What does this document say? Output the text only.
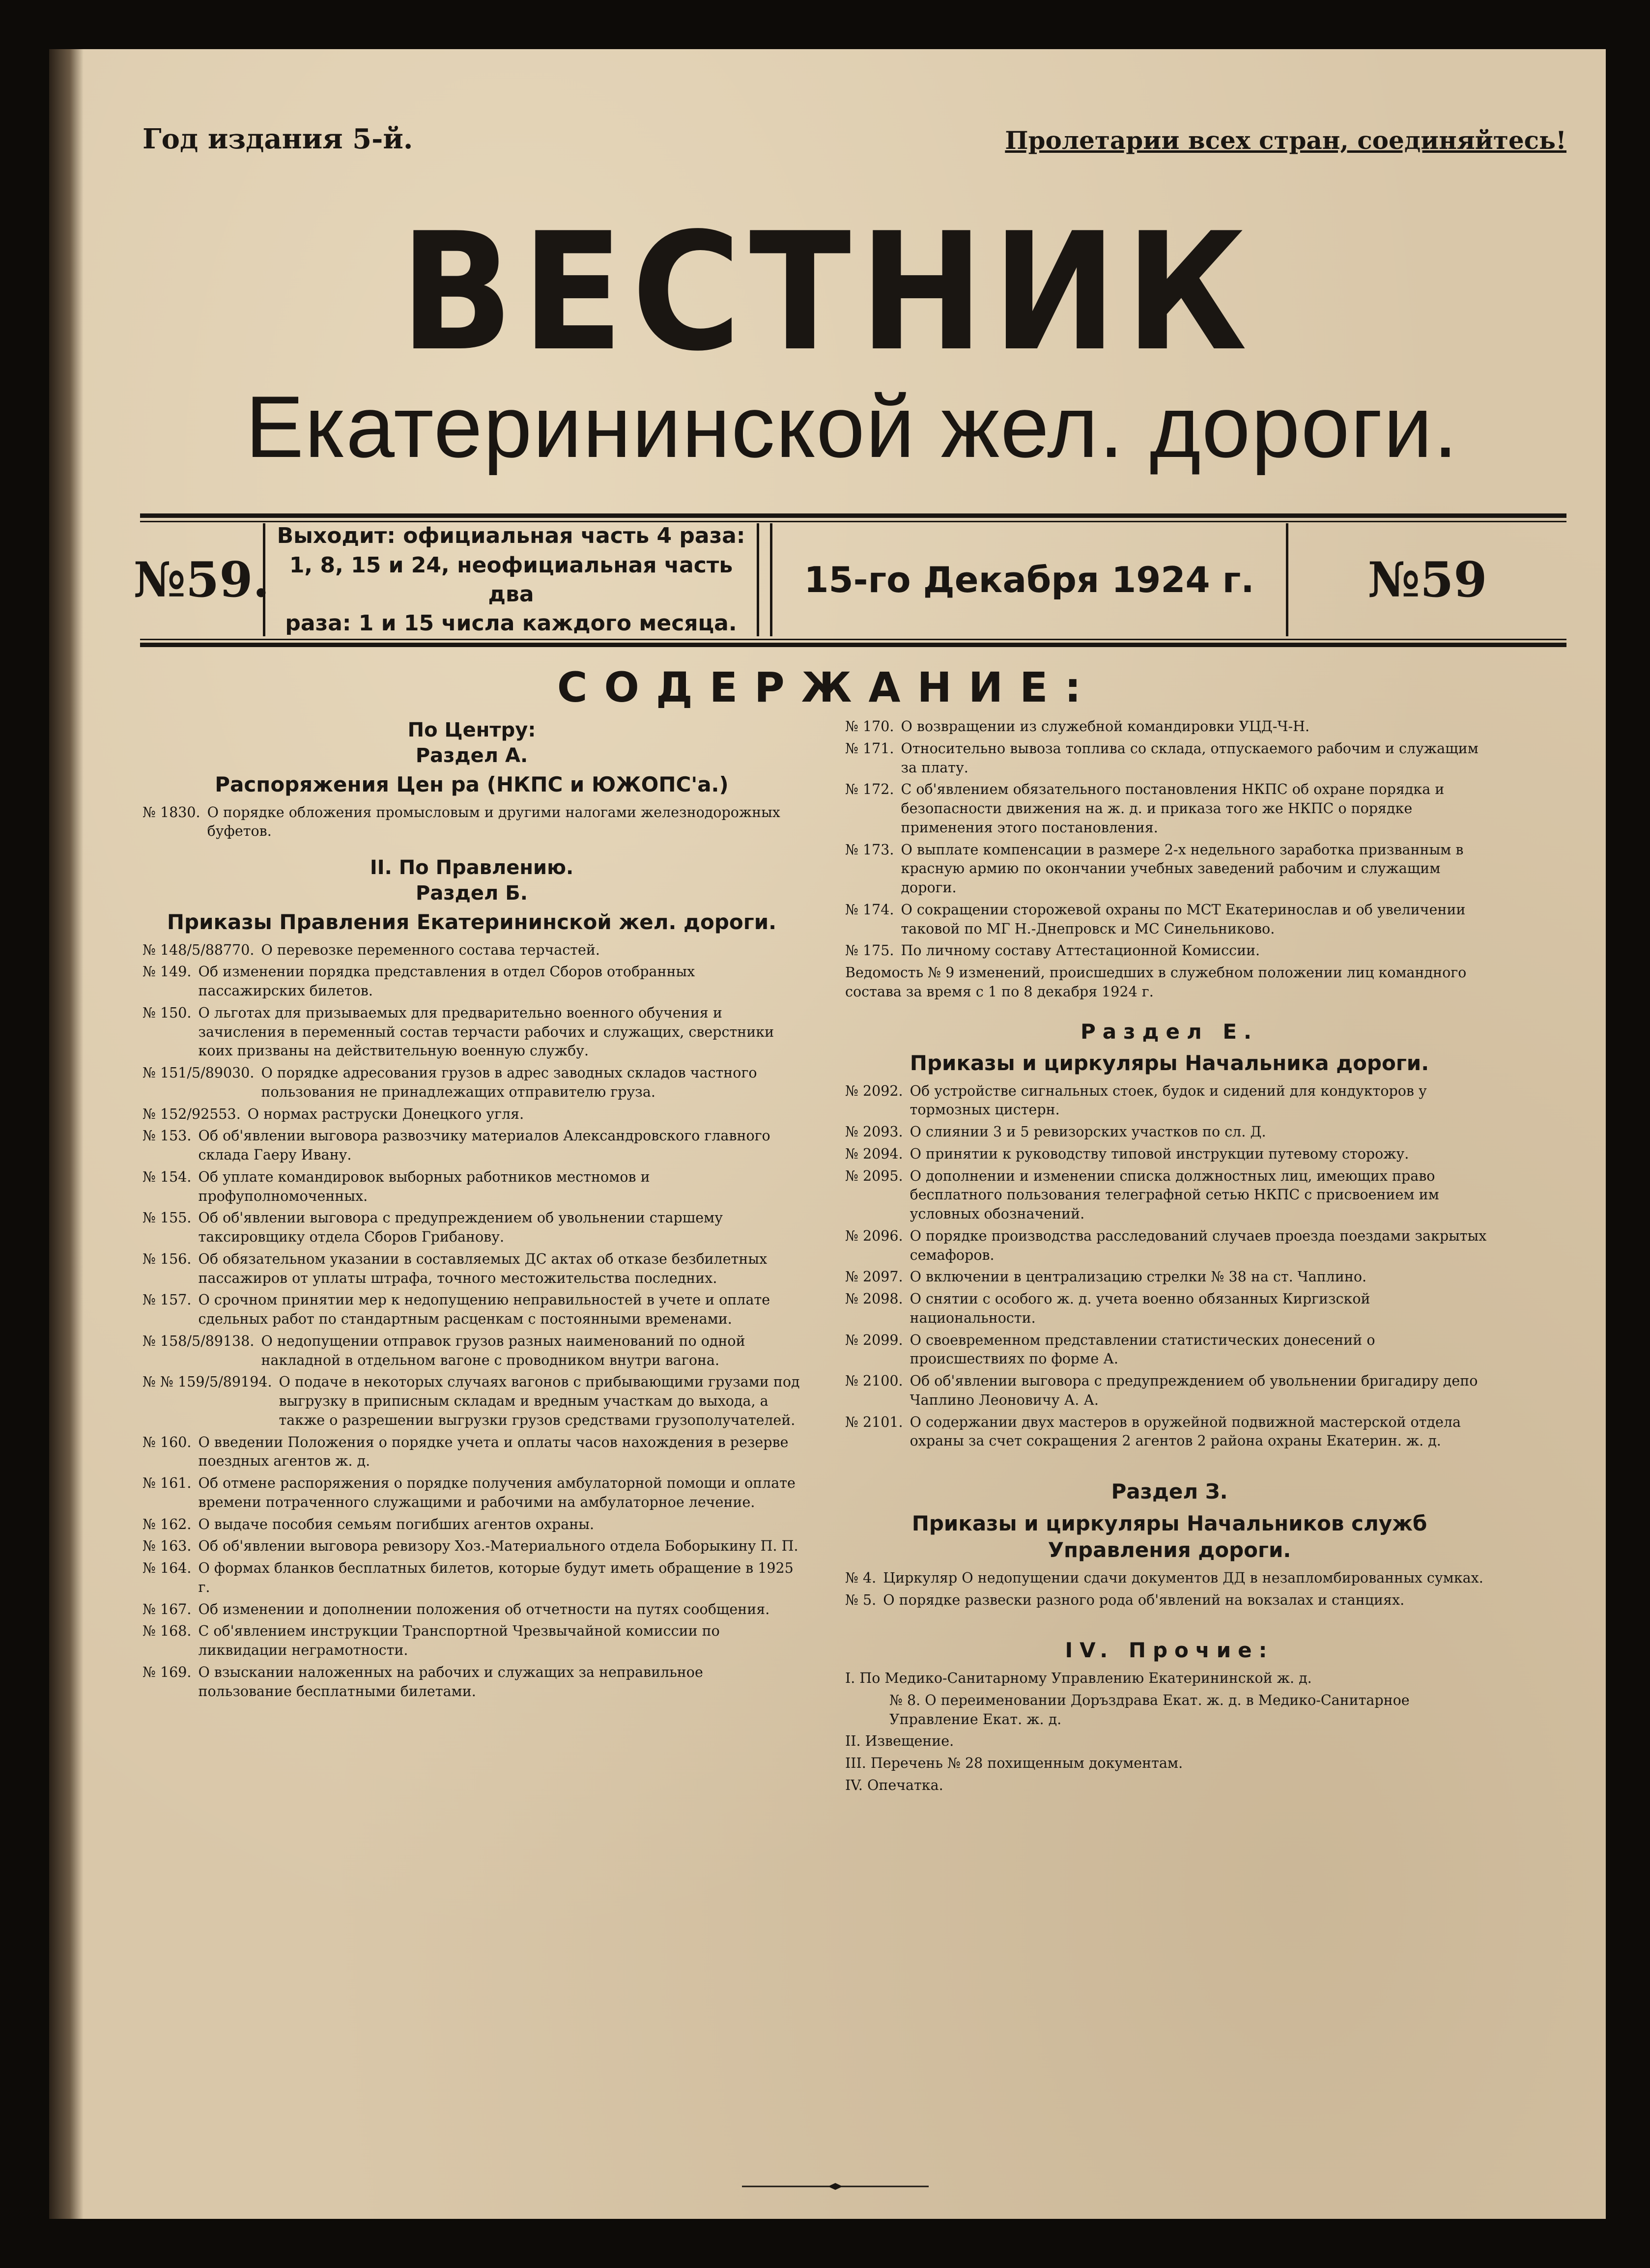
Год издания 5-й.	Пролетарии всех стран, соединяйтесь!
ВЕСТНИК
Екатерининской жел. дороги.
№59.
Выходит: официальная часть 4 раза:
1, 8, 15 и 24, неофициальная часть два
раза: 1 и 15 числа каждого месяца.
15-го Декабря 1924 г.	№59
СОДЕРЖАНИЕ:
По Центру:
Раздел А.
Распоряжения Цен ра (НКПС и ЮЖОПС'а.)
№ 1830. О порядке обложения промысловым и другими налогами железнодорожных буфетов.
II. По Правлению.
Раздел Б.
Приказы Правления Екатерининской жел. дороги.
№ 148/5/88770. О перевозке переменного состава терчастей.
№ 149. Об изменении порядка представления в отдел Сборов отобранных пассажирских билетов.
№ 150. О льготах для призываемых для предварительно военного обучения и зачисления в переменный состав терчасти рабочих и служащих, сверстники коих призваны на действительную военную службу.
№ 151/5/89030. О порядке адресования грузов в адрес заводных складов частного пользования не принадлежащих отправителю груза.
№ 152/92553. О нормах раструски Донецкого угля.
№ 153. Об об'явлении выговора развозчику материалов Александровского главного склада Гаеру Ивану.
№ 154. Об уплате командировок выборных работников местномов и профуполномоченных.
№ 155. Об об'явлении выговора с предупреждением об увольнении старшему таксировщику отдела Сборов Грибанову.
№ 156. Об обязательном указании в составляемых ДС актах об отказе безбилетных пассажиров от уплаты штрафа, точного местожительства последних.
№ 157. О срочном принятии мер к недопущению неправильностей в учете и оплате сдельных работ по стандартным расценкам с постоянными временами.
№ 158/5/89138. О недопущении отправок грузов разных наименований по одной накладной в отдельном вагоне с проводником внутри вагона.
№ № 159/5/89194. О подаче в некоторых случаях вагонов с прибывающими грузами под выгрузку в приписным складам и вредным участкам до выхода, а также о разрешении выгрузки грузов средствами грузополучателей.
№ 160. О введении Положения о порядке учета и оплаты часов нахождения в резерве поездных агентов ж. д.
№ 161. Об отмене распоряжения о порядке получения амбулаторной помощи и оплате времени потраченного служащими и рабочими на амбулаторное лечение.
№ 162. О выдаче пособия семьям погибших агентов охраны.
№ 163. Об об'явлении выговора ревизору Хоз.-Материального отдела Боборыкину П. П.
№ 164. О формах бланков бесплатных билетов, которые будут иметь обращение в 1925 г.
№ 167. Об изменении и дополнении положения об отчетности на путях сообщения.
№ 168. С об'явлением инструкции Транспортной Чрезвычайной комиссии по ликвидации неграмотности.
№ 169. О взыскании наложенных на рабочих и служащих за неправильное пользование бесплатными билетами.
№ 170. О возвращении из служебной командировки УЦД-Ч-Н.
№ 171. Относительно вывоза топлива со склада, отпускаемого рабочим и служащим за плату.
№ 172. С об'явлением обязательного постановления НКПС об охране порядка и безопасности движения на ж. д. и приказа того же НКПС о порядке применения этого постановления.
№ 173. О выплате компенсации в размере 2-х недельного заработка призванным в красную армию по окончании учебных заведений рабочим и служащим дороги.
№ 174. О сокращении сторожевой охраны по МСТ Екатеринослав и об увеличении таковой по МГ Н.-Днепровск и МС Синельниково.
№ 175. По личному составу Аттестационной Комиссии.
Ведомость № 9 изменений, происшедших в служебном положении лиц командного состава за время с 1 по 8 декабря 1924 г.
Раздел Е.
Приказы и циркуляры Начальника дороги.
№ 2092. Об устройстве сигнальных стоек, будок и сидений для кондукторов у тормозных цистерн.
№ 2093. О слиянии 3 и 5 ревизорских участков по сл. Д.
№ 2094. О принятии к руководству типовой инструкции путевому сторожу.
№ 2095. О дополнении и изменении списка должностных лиц, имеющих право бесплатного пользования телеграфной сетью НКПС с присвоением им условных обозначений.
№ 2096. О порядке производства расследований случаев проезда поездами закрытых семафоров.
№ 2097. О включении в централизацию стрелки № 38 на ст. Чаплино.
№ 2098. О снятии с особого ж. д. учета военно обязанных Киргизской национальности.
№ 2099. О своевременном представлении статистических донесений о происшествиях по форме А.
№ 2100. Об об'явлении выговора с предупреждением об увольнении бригадиру депо Чаплино Леоновичу А. А.
№ 2101. О содержании двух мастеров в оружейной подвижной мастерской отдела охраны за счет сокращения 2 агентов 2 района охраны Екатерин. ж. д.
Раздел З.
Приказы и циркуляры Начальников служб Управления дороги.
№ 4. Циркуляр О недопущении сдачи документов ДД в незапломбированных сумках.
№ 5. О порядке развески разного рода об'явлений на вокзалах и станциях.
IV. Прочие:
I. По Медико-Санитарному Управлению Екатерининской ж. д.
№ 8. О переименовании Доръздрава Екат. ж. д. в Медико-Санитарное Управление Екат. ж. д.
II. Извещение.
III. Перечень № 28 похищенным документам.
IV. Опечатка.
